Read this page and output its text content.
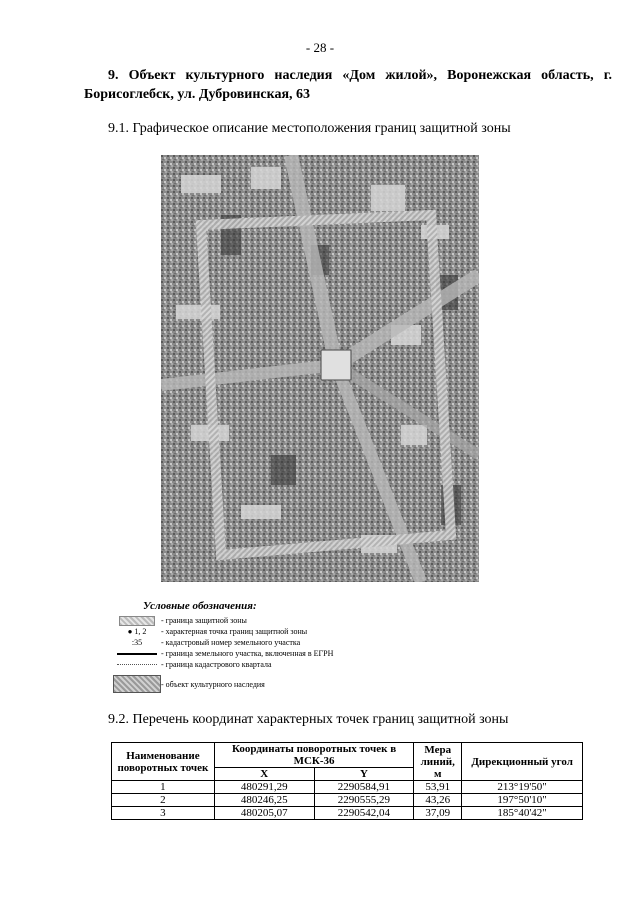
- 28 -
9. Объект культурного наследия «Дом жилой», Воронежская область, г. Борисоглебск, ул. Дубровинская, 63
9.1. Графическое описание местоположения границ защитной зоны
Условные обозначения:
- граница защитной зоны
● 1, 2	- характерная точка границ защитной зоны
:35	- кадастровый номер земельного участка
- граница земельного участка, включенная в ЕГРН
- граница кадастрового квартала
- объект культурного наследия
9.2. Перечень координат характерных точек границ защитной зоны
Наименование поворотных точек	Координаты поворотных точек в МСК-36		Мера линий, м	Дирекционный угол
	X	Y		
1	480291,29	2290584,91	53,91	213°19'50"
2	480246,25	2290555,29	43,26	197°50'10"
3	480205,07	2290542,04	37,09	185°40'42"
